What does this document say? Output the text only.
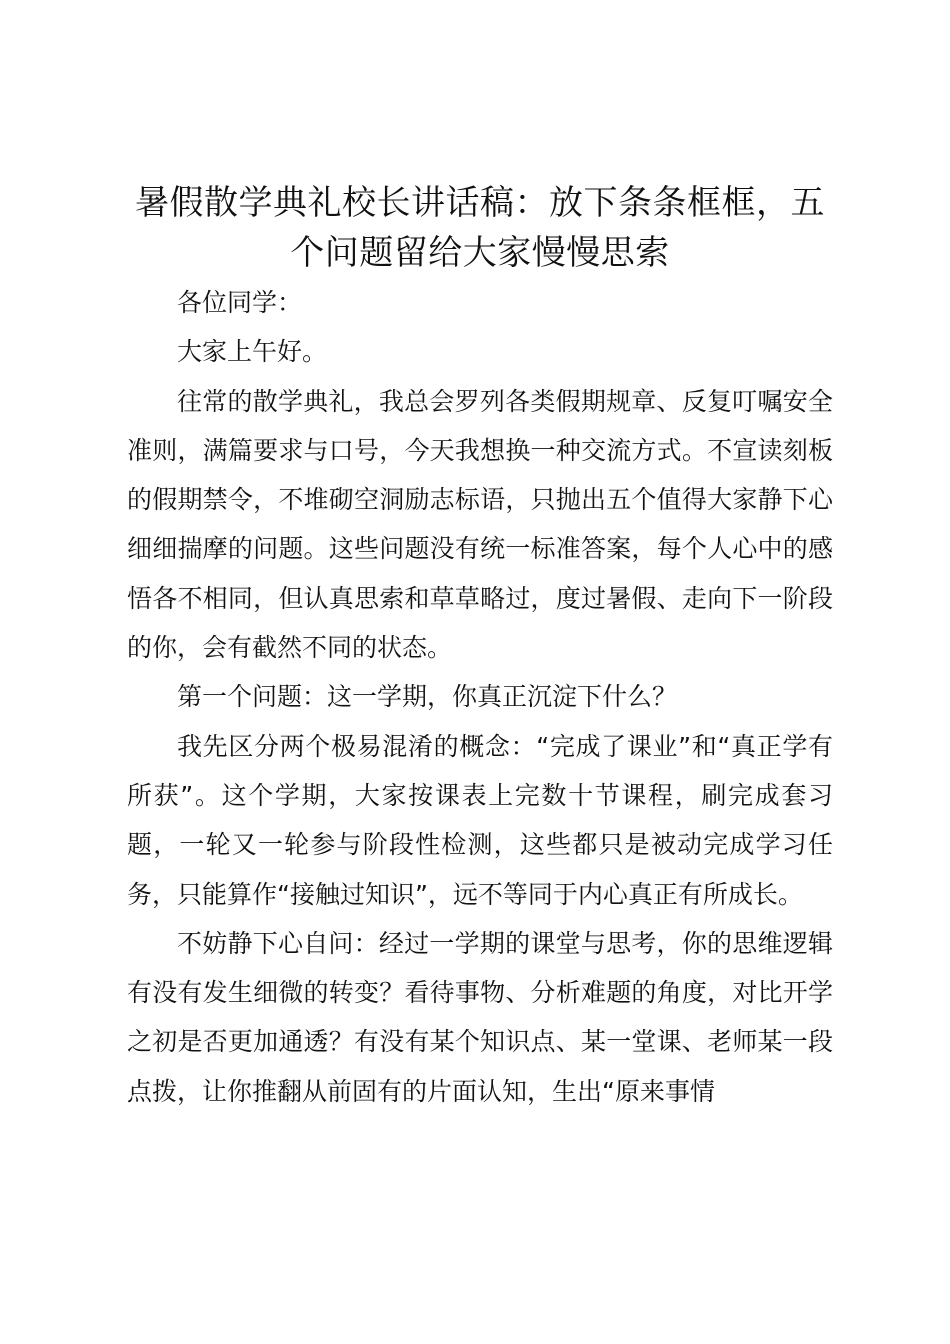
暑假散学典礼校长讲话稿：放下条条框框，五个问题留给大家慢慢思索

各位同学：

大家上午好。

往常的散学典礼，我总会罗列各类假期规章、反复叮嘱安全准则，满篇要求与口号，今天我想换一种交流方式。不宣读刻板的假期禁令，不堆砌空洞励志标语，只抛出五个值得大家静下心细细揣摩的问题。这些问题没有统一标准答案，每个人心中的感悟各不相同，但认真思索和草草略过，度过暑假、走向下一阶段的你，会有截然不同的状态。

第一个问题：这一学期，你真正沉淀下什么？

我先区分两个极易混淆的概念：“完成了课业”和“真正学有所获”。这个学期，大家按课表上完数十节课程，刷完成套习题，一轮又一轮参与阶段性检测，这些都只是被动完成学习任务，只能算作“接触过知识”，远不等同于内心真正有所成长。

不妨静下心自问：经过一学期的课堂与思考，你的思维逻辑有没有发生细微的转变？看待事物、分析难题的角度，对比开学之初是否更加通透？有没有某个知识点、某一堂课、老师某一段点拨，让你推翻从前固有的片面认知，生出“原来事情
